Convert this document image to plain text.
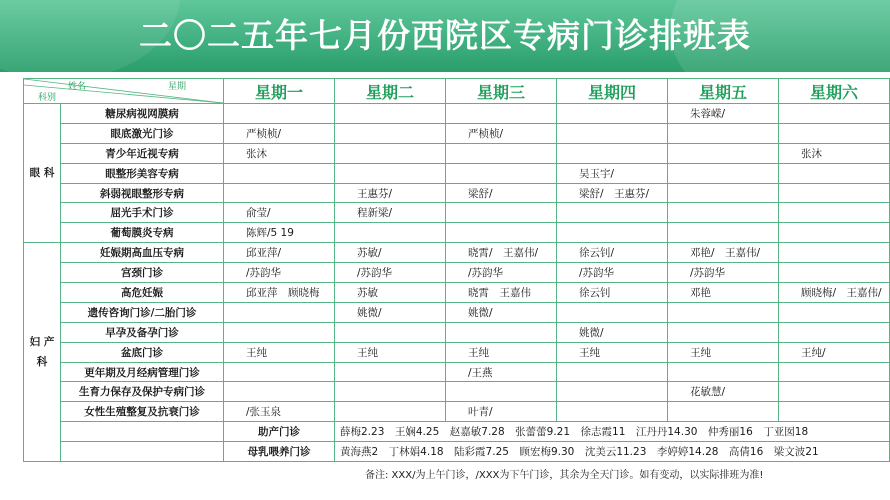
二〇二五年七月份西院区专病门诊排班表
姓名 星期
科别		星期一	星期二	星期三	星期四	星期五	星期六
眼 科	糖尿病视网膜病					朱蓉嵘/	
	眼底激光门诊	严桢桢/		严桢桢/			
	青少年近视专病	张沐					张沐
	眼整形美容专病				吴玉宇/		
	斜弱视眼整形专病		王惠芬/	梁舒/	梁舒/　王惠芬/		
	屈光手术门诊	俞莹/	程新梁/				
	葡萄膜炎专病	陈辉/5 19					
妇 产 科	妊娠期高血压专病	邱亚萍/	苏敏/	晓霄/　王嘉伟/	徐云钊/	邓艳/　王嘉伟/	
	宫颈门诊	/苏韵华	/苏韵华	/苏韵华	/苏韵华	/苏韵华	
	高危妊娠	邱亚萍　顾晓梅	苏敏	晓霄　王嘉伟	徐云钊	邓艳	顾晓梅/　王嘉伟/
	遗传咨询门诊/二胎门诊		姚微/	姚微/			
	早孕及备孕门诊				姚微/		
	盆底门诊	王纯	王纯	王纯	王纯	王纯	王纯/
	更年期及月经病管理门诊			/王燕			
	生育力保存及保护专病门诊					花敏慧/	
	女性生殖整复及抗衰门诊	/张玉泉		叶青/			
		助产门诊	薛梅2.23　王娴4.25　赵嘉敏7.28　张蕾蕾9.21　徐志霞11　江丹丹14.30　仲秀丽16　丁亚囡18				
		母乳喂养门诊	黄海燕2　丁林娟4.18　陆彩霞7.25　顾宏梅9.30　沈美云11.23　李婷婷14.28　高倩16　梁文波21				
备注: XXX/为上午门诊，/XXX为下午门诊，其余为全天门诊。如有变动，以实际排班为准!
